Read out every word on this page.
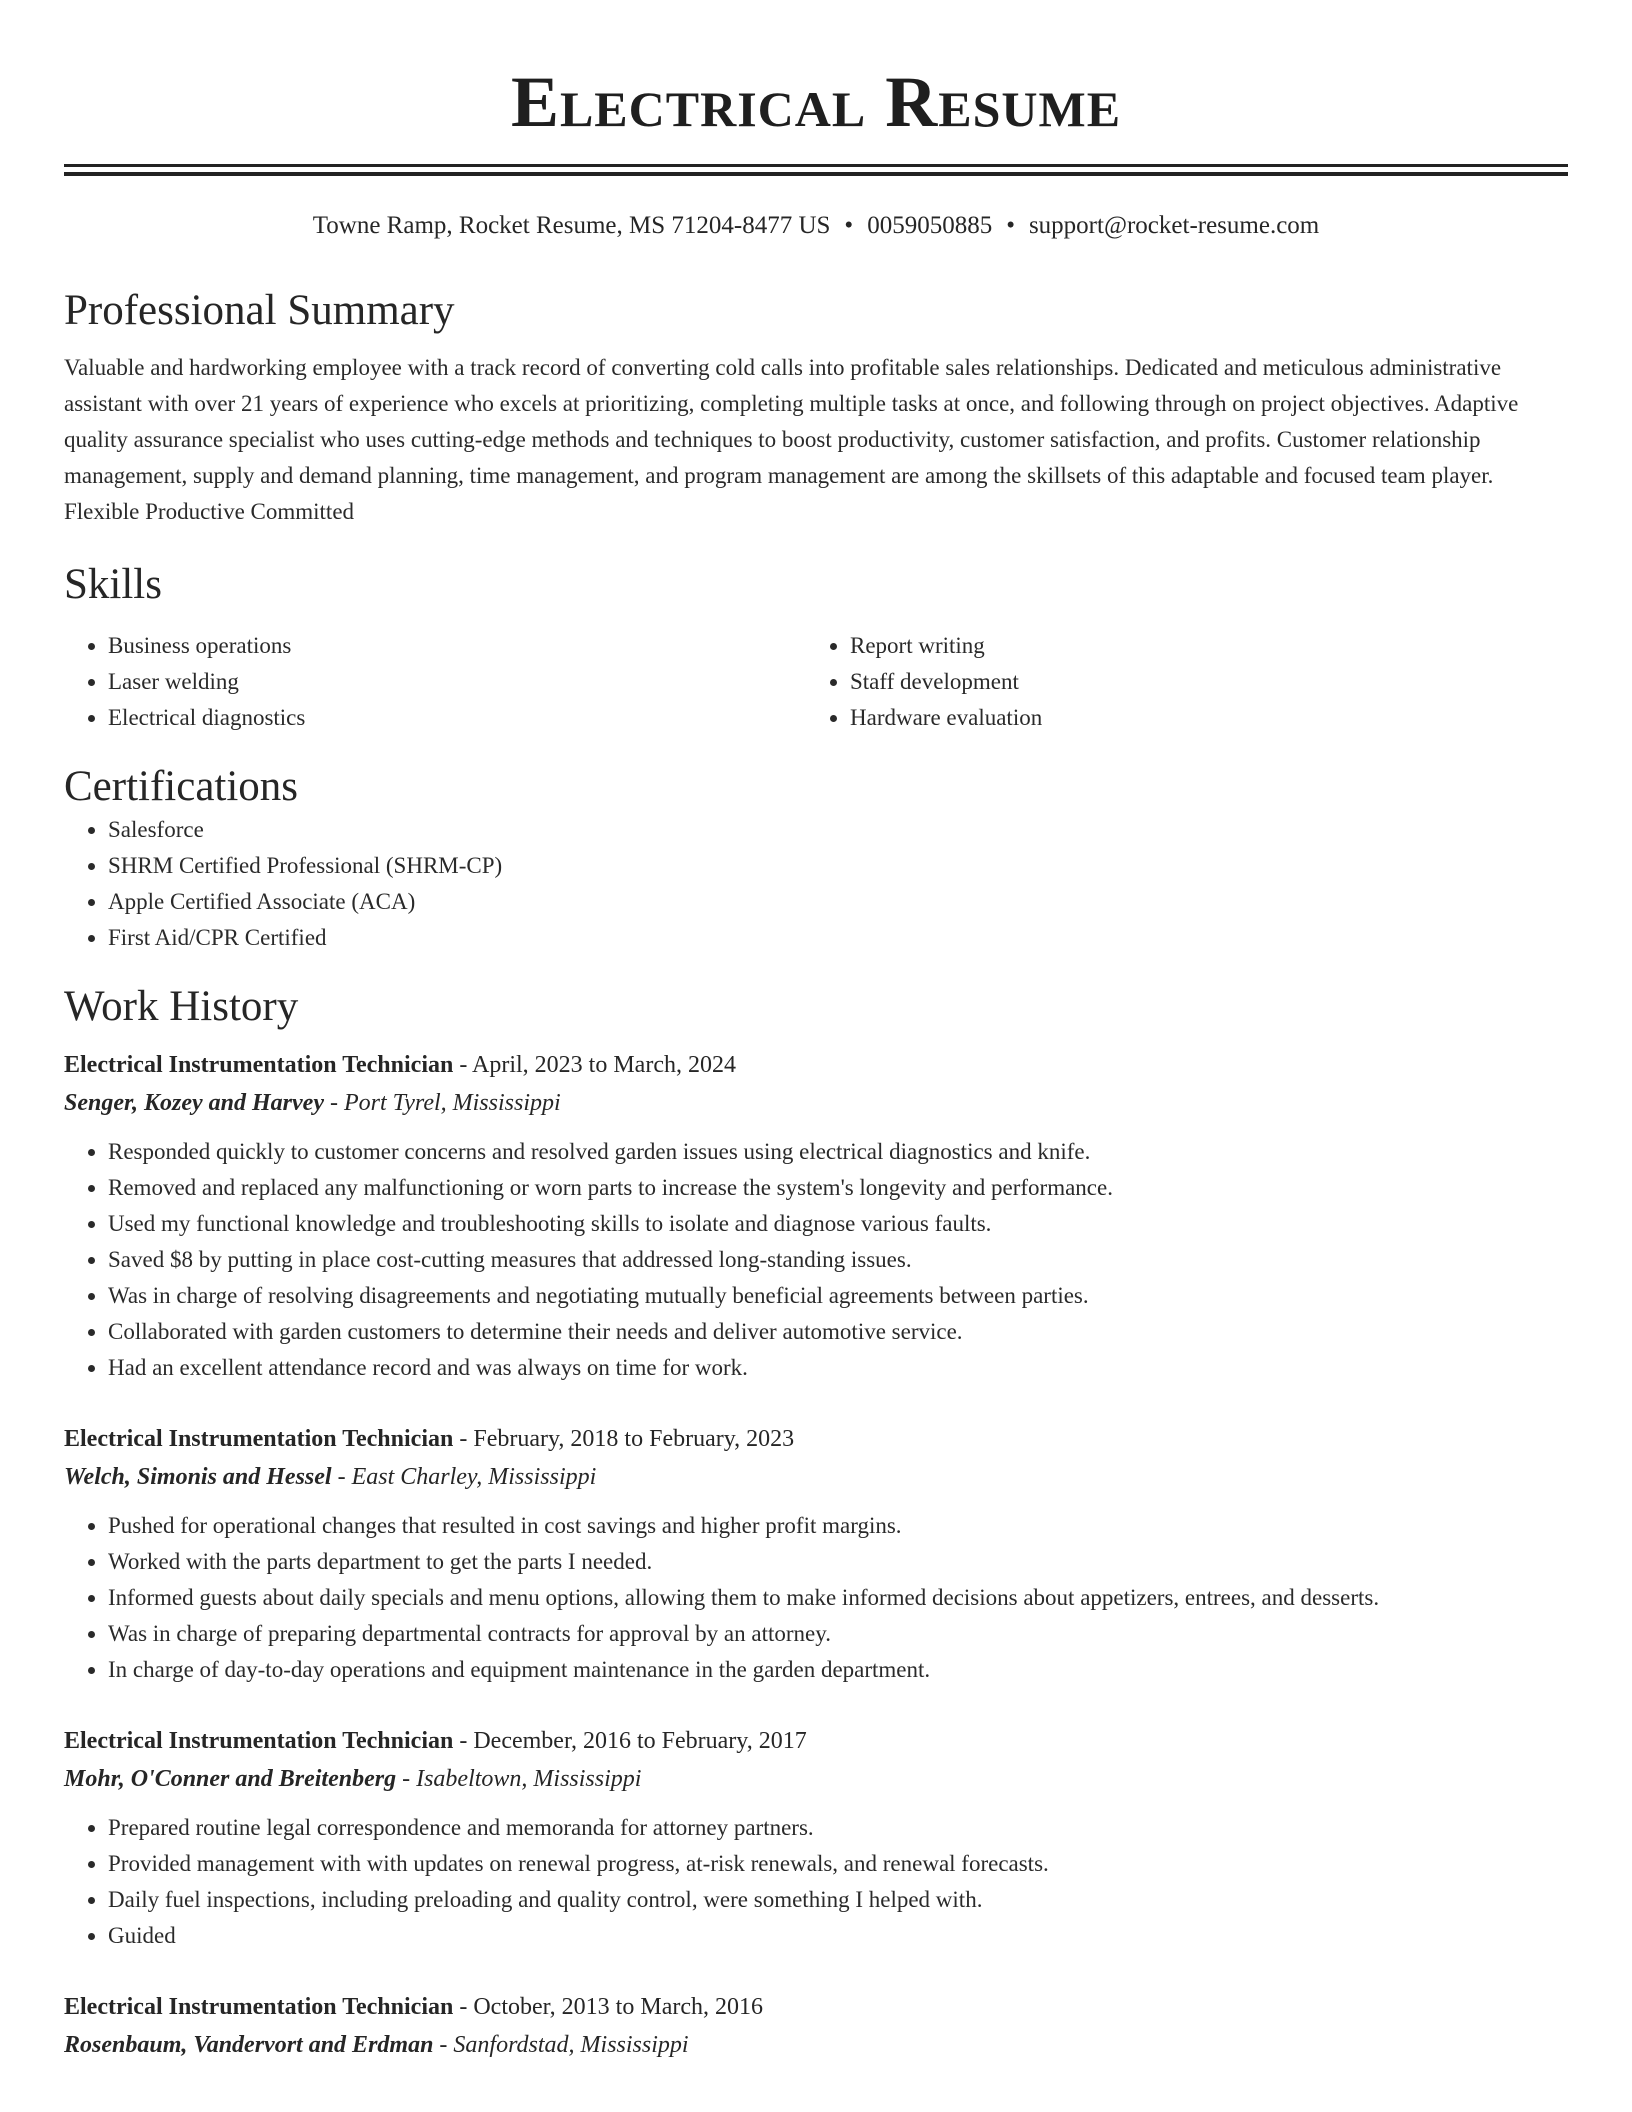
Electrical Resume
Towne Ramp, Rocket Resume, MS 71204-8477 US • 0059050885 • support@rocket-resume.com
Professional Summary
Valuable and hardworking employee with a track record of converting cold calls into profitable sales relationships. Dedicated and meticulous administrative assistant with over 21 years of experience who excels at prioritizing, completing multiple tasks at once, and following through on project objectives. Adaptive quality assurance specialist who uses cutting-edge methods and techniques to boost productivity, customer satisfaction, and profits. Customer relationship management, supply and demand planning, time management, and program management are among the skillsets of this adaptable and focused team player. Flexible Productive Committed
Skills
• Business operations
• Laser welding
• Electrical diagnostics
• Report writing
• Staff development
• Hardware evaluation
Certifications
• Salesforce
• SHRM Certified Professional (SHRM-CP)
• Apple Certified Associate (ACA)
• First Aid/CPR Certified
Work History
Electrical Instrumentation Technician - April, 2023 to March, 2024
Senger, Kozey and Harvey - Port Tyrel, Mississippi
• Responded quickly to customer concerns and resolved garden issues using electrical diagnostics and knife.
• Removed and replaced any malfunctioning or worn parts to increase the system's longevity and performance.
• Used my functional knowledge and troubleshooting skills to isolate and diagnose various faults.
• Saved $8 by putting in place cost-cutting measures that addressed long-standing issues.
• Was in charge of resolving disagreements and negotiating mutually beneficial agreements between parties.
• Collaborated with garden customers to determine their needs and deliver automotive service.
• Had an excellent attendance record and was always on time for work.
Electrical Instrumentation Technician - February, 2018 to February, 2023
Welch, Simonis and Hessel - East Charley, Mississippi
• Pushed for operational changes that resulted in cost savings and higher profit margins.
• Worked with the parts department to get the parts I needed.
• Informed guests about daily specials and menu options, allowing them to make informed decisions about appetizers, entrees, and desserts.
• Was in charge of preparing departmental contracts for approval by an attorney.
• In charge of day-to-day operations and equipment maintenance in the garden department.
Electrical Instrumentation Technician - December, 2016 to February, 2017
Mohr, O'Conner and Breitenberg - Isabeltown, Mississippi
• Prepared routine legal correspondence and memoranda for attorney partners.
• Provided management with with updates on renewal progress, at-risk renewals, and renewal forecasts.
• Daily fuel inspections, including preloading and quality control, were something I helped with.
• Guided
Electrical Instrumentation Technician - October, 2013 to March, 2016
Rosenbaum, Vandervort and Erdman - Sanfordstad, Mississippi
